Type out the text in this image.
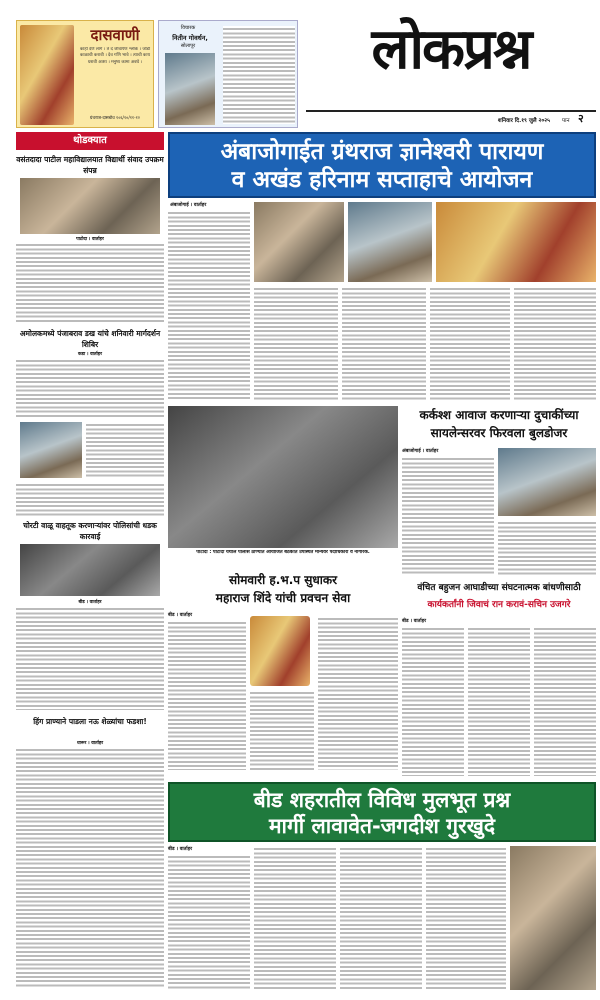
दासवाणी
काहीं देणें लागे । तें दे जीवार्पण श्लोकें । जोडी काळाची करावी । देव गणि भावे । त्याची काय धरावी आशा । मनुष्य कामा अवघे ।
ग्रंथराज-दासबोध १०६/१०/११-१२
विचारक
नितीन गोवर्धन,
सोलापूर	लोकप्रश्न
शनिवार दि.१९ जुलै २०२५ पान २
थोडक्यात
वसंतदादा पाटील महाविद्यालयात विद्यार्थी संवाद उपक्रम संपन्न
पाटोदा । वार्ताहर
अमोलकमध्ये पंजाबराव डख यांचे शनिवारी मार्गदर्शन शिबिर
कडा । वार्ताहर
चोरटी वाळू वाहतूक करणाऱ्यांवर पोलिसांची धडक कारवाई
बीड । वार्ताहर
हिंग प्राण्याने पाडला नऊ शेळ्यांचा फडशा!
धारूर । वार्ताहर
अंबाजोगाईत ग्रंथराज ज्ञानेश्वरी पारायण
व अखंड हरिनाम सप्ताहाचे आयोजन
अंबाजोगाई । वार्ताहर
पाटोदा : पाटोदा येथील पोलीस ठाण्यात आयोजित बैठकीत उपस्थित मान्यवर पदाधिकारी व नागरिक.
कर्कश्श आवाज करणाऱ्या दुचाकींच्या
सायलेन्सरवर फिरवला बुलडोजर
अंबाजोगाई । वार्ताहर
सोमवारी ह.भ.प सुधाकर
महाराज शिंदे यांची प्रवचन सेवा
बीड । वार्ताहर
वंचित बहुजन आघाडीच्या संघटनात्मक बांधणीसाठी
कार्यकर्तांनी जिवाचं रान करावं-सचिन उजगरे
बीड । वार्ताहर
बीड शहरातील विविध मुलभूत प्रश्न
मार्गी लावावेत-जगदीश गुरखुदे
बीड । वार्ताहर
